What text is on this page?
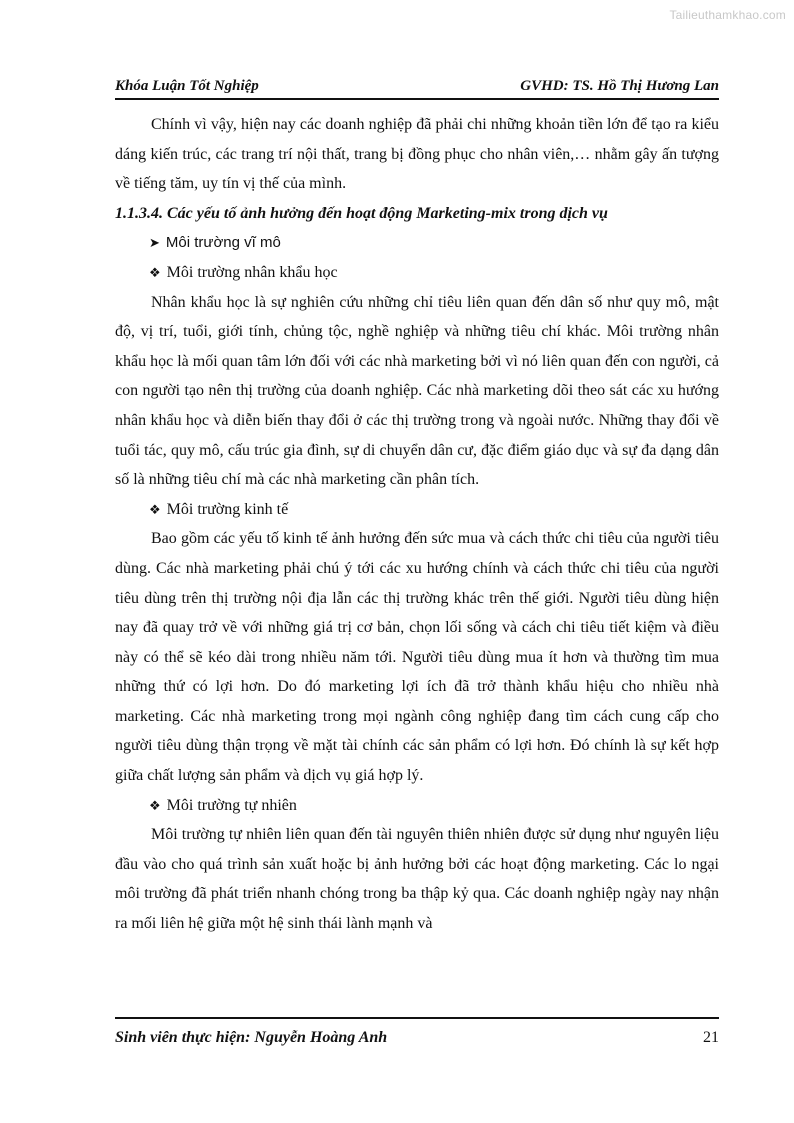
Tailieuthamkhao.com
Khóa Luận Tốt Nghiệp	GVHD: TS. Hồ Thị Hương Lan

Chính vì vậy, hiện nay các doanh nghiệp đã phải chi những khoản tiền lớn để tạo ra kiểu dáng kiến trúc, các trang trí nội thất, trang bị đồng phục cho nhân viên,… nhằm gây ấn tượng về tiếng tăm, uy tín vị thế của mình.

1.1.3.4. Các yếu tố ảnh hưởng đến hoạt động Marketing-mix trong dịch vụ

➤ Môi trường vĩ mô

❖ Môi trường nhân khẩu học

Nhân khẩu học là sự nghiên cứu những chỉ tiêu liên quan đến dân số như quy mô, mật độ, vị trí, tuổi, giới tính, chủng tộc, nghề nghiệp và những tiêu chí khác. Môi trường nhân khẩu học là mối quan tâm lớn đối với các nhà marketing bởi vì nó liên quan đến con người, cả con người tạo nên thị trường của doanh nghiệp. Các nhà marketing dõi theo sát các xu hướng nhân khẩu học và diễn biến thay đổi ở các thị trường trong và ngoài nước. Những thay đổi về tuổi tác, quy mô, cấu trúc gia đình, sự di chuyển dân cư, đặc điểm giáo dục và sự đa dạng dân số là những tiêu chí mà các nhà marketing cần phân tích.

❖ Môi trường kinh tế

Bao gồm các yếu tố kinh tế ảnh hưởng đến sức mua và cách thức chi tiêu của người tiêu dùng. Các nhà marketing phải chú ý tới các xu hướng chính và cách thức chi tiêu của người tiêu dùng trên thị trường nội địa lẫn các thị trường khác trên thế giới. Người tiêu dùng hiện nay đã quay trở về với những giá trị cơ bản, chọn lối sống và cách chi tiêu tiết kiệm và điều này có thể sẽ kéo dài trong nhiều năm tới. Người tiêu dùng mua ít hơn và thường tìm mua những thứ có lợi hơn. Do đó marketing lợi ích đã trở thành khẩu hiệu cho nhiều nhà marketing. Các nhà marketing trong mọi ngành công nghiệp đang tìm cách cung cấp cho người tiêu dùng thận trọng về mặt tài chính các sản phẩm có lợi hơn. Đó chính là sự kết hợp giữa chất lượng sản phẩm và dịch vụ giá hợp lý.

❖ Môi trường tự nhiên

Môi trường tự nhiên liên quan đến tài nguyên thiên nhiên được sử dụng như nguyên liệu đầu vào cho quá trình sản xuất hoặc bị ảnh hưởng bởi các hoạt động marketing. Các lo ngại môi trường đã phát triển nhanh chóng trong ba thập kỷ qua. Các doanh nghiệp ngày nay nhận ra mối liên hệ giữa một hệ sinh thái lành mạnh và

Sinh viên thực hiện: Nguyễn Hoàng Anh	21
